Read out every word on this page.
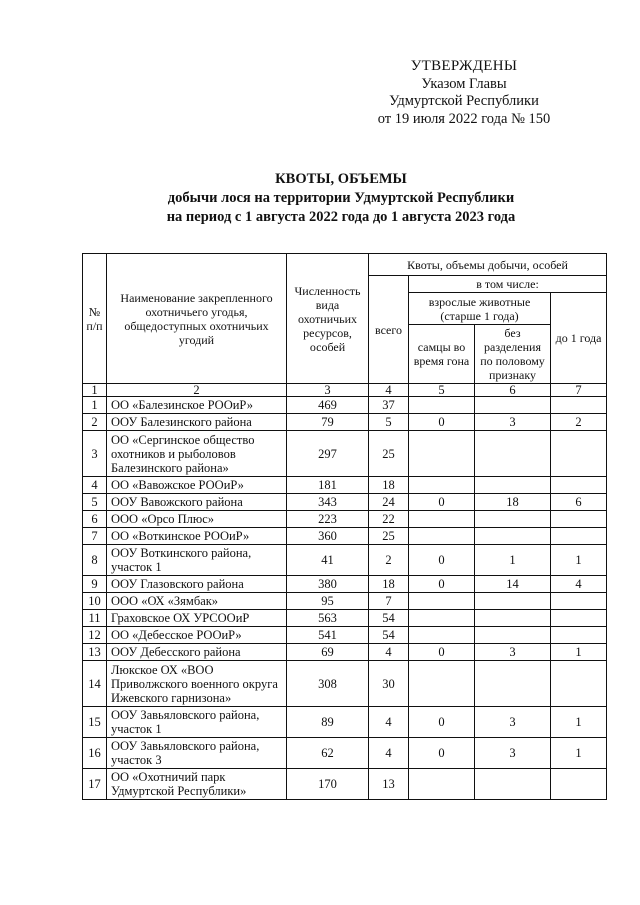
УТВЕРЖДЕНЫ
Указом Главы
Удмуртской Республики
от 19 июля 2022 года № 150
КВОТЫ, ОБЪЕМЫ
добычи лося на территории Удмуртской Республики
на период с 1 августа 2022 года до 1 августа 2023 года
№ п/п	Наименование закрепленного охотничьего угодья, общедоступных охотничьих угодий	Численность вида охотничьих ресурсов, особей	Квоты, объемы добычи, особей			
			всего	в том числе:		
				взрослые животные (старше 1 года)		до 1 года
				самцы во время гона	без разделения по половому признаку	
1	2	3	4	5	6	7
1	ОО «Балезинское РООиР»	469	37			
2	ООУ Балезинского района	79	5	0	3	2
3	ОО «Сергинское общество охотников и рыболовов Балезинского района»	297	25			
4	ОО «Вавожское РООиР»	181	18			
5	ООУ Вавожского района	343	24	0	18	6
6	ООО «Орсо Плюс»	223	22			
7	ОО «Воткинское РООиР»	360	25			
8	ООУ Воткинского района, участок 1	41	2	0	1	1
9	ООУ Глазовского района	380	18	0	14	4
10	ООО «ОХ «Зямбак»	95	7			
11	Граховское ОХ УРСООиР	563	54			
12	ОО «Дебесское РООиР»	541	54			
13	ООУ Дебесского района	69	4	0	3	1
14	Люкское ОХ «ВОО Приволжского военного округа Ижевского гарнизона»	308	30			
15	ООУ Завьяловского района, участок 1	89	4	0	3	1
16	ООУ Завьяловского района, участок 3	62	4	0	3	1
17	ОО «Охотничий парк Удмуртской Республики»	170	13			
